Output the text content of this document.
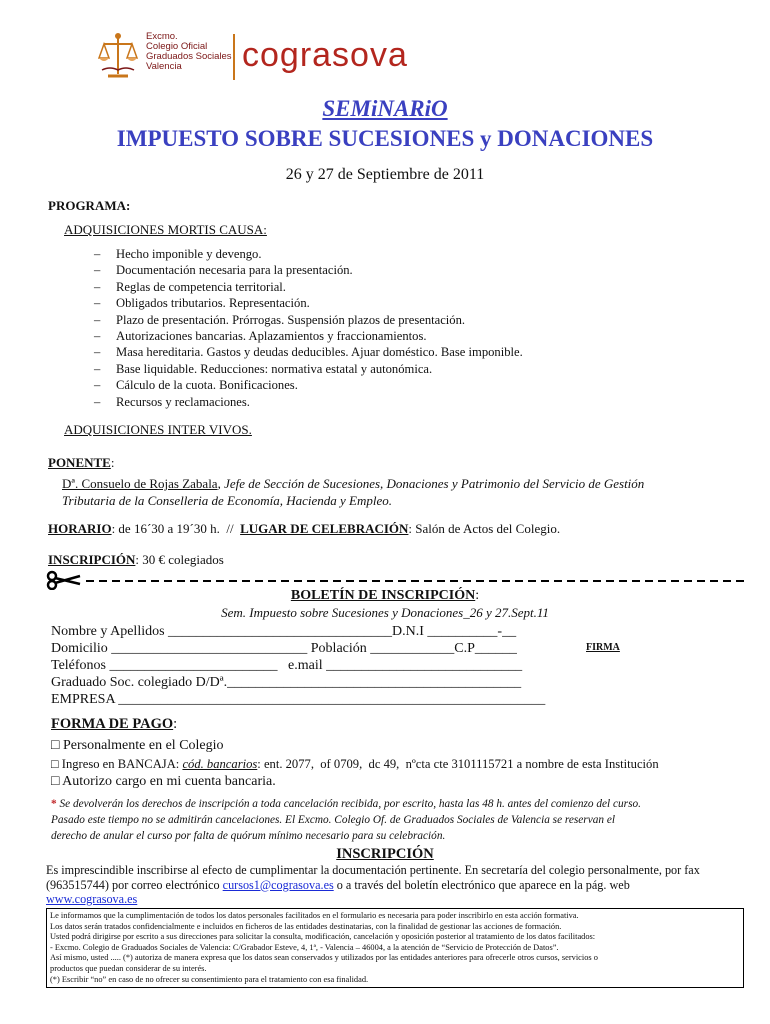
Excmo.
Colegio Oficial
Graduados Sociales
Valencia	cograsova
SEMiNARiO
IMPUESTO SOBRE SUCESIONES y DONACIONES
26 y 27 de Septiembre de 2011
PROGRAMA:
ADQUISICIONES MORTIS CAUSA:
– Hecho imponible y devengo.
– Documentación necesaria para la presentación.
– Reglas de competencia territorial.
– Obligados tributarios. Representación.
– Plazo de presentación. Prórrogas. Suspensión plazos de presentación.
– Autorizaciones bancarias. Aplazamientos y fraccionamientos.
– Masa hereditaria. Gastos y deudas deducibles. Ajuar doméstico. Base imponible.
– Base liquidable. Reducciones: normativa estatal y autonómica.
– Cálculo de la cuota. Bonificaciones.
– Recursos y reclamaciones.
ADQUISICIONES INTER VIVOS.
PONENTE:
Dª. Consuelo de Rojas Zabala, Jefe de Sección de Sucesiones, Donaciones y Patrimonio del Servicio de Gestión
Tributaria de la Conselleria de Economía, Hacienda y Empleo.
HORARIO: de 16´30 a 19´30 h.  //  LUGAR DE CELEBRACIÓN: Salón de Actos del Colegio.
INSCRIPCIÓN: 30 € colegiados
BOLETÍN DE INSCRIPCIÓN:
Sem. Impuesto sobre Sucesiones y Donaciones_26 y 27.Sept.11
Nombre y Apellidos ________________________________D.N.I __________-__
Domicilio ____________________________ Población ____________C.P______	FIRMA
Teléfonos ________________________   e.mail ____________________________
Graduado Soc. colegiado D/Dª.__________________________________________
EMPRESA _____________________________________________________________
FORMA DE PAGO:
□ Personalmente en el Colegio
□ Ingreso en BANCAJA: cód. bancarios: ent. 2077,  of 0709,  dc 49,  nºcta cte 3101115721 a nombre de esta Institución
□ Autorizo cargo en mi cuenta bancaria.
* Se devolverán los derechos de inscripción a toda cancelación recibida, por escrito, hasta las 48 h. antes del comienzo del curso.
Pasado este tiempo no se admitirán cancelaciones. El Excmo. Colegio Of. de Graduados Sociales de Valencia se reservan el
derecho de anular el curso por falta de quórum mínimo necesario para su celebración.
INSCRIPCIÓN
Es imprescindible inscribirse al efecto de cumplimentar la documentación pertinente. En secretaría del colegio personalmente, por fax
(963515744) por correo electrónico cursos1@cograsova.es o a través del boletín electrónico que aparece en la pág. web
www.cograsova.es
Le informamos que la cumplimentación de todos los datos personales facilitados en el formulario es necesaria para poder inscribirlo en esta acción formativa.
Los datos serán tratados confidencialmente e incluidos en ficheros de las entidades destinatarias, con la finalidad de gestionar las acciones de formación.
Usted podrá dirigirse por escrito a sus direcciones para solicitar la consulta, modificación, cancelación y oposición posterior al tratamiento de los datos facilitados:
- Excmo. Colegio de Graduados Sociales de Valencia: C/Grabador Esteve, 4, 1ª, - Valencia – 46004, a la atención de “Servicio de Protección de Datos”.
Así mismo, usted ..... (*) autoriza de manera expresa que los datos sean conservados y utilizados por las entidades anteriores para ofrecerle otros cursos, servicios o
productos que puedan considerar de su interés.
(*) Escribir “no” en caso de no ofrecer su consentimiento para el tratamiento con esa finalidad.
